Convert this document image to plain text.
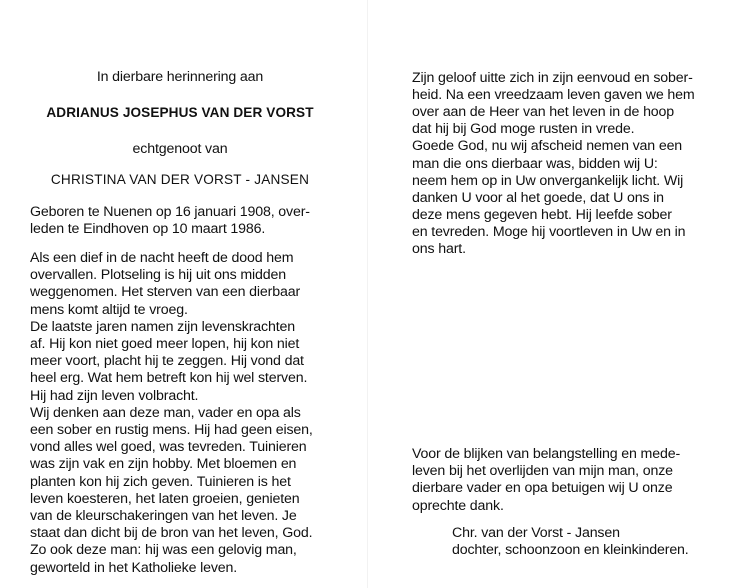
In dierbare herinnering aan
ADRIANUS JOSEPHUS VAN DER VORST
echtgenoot van
CHRISTINA VAN DER VORST - JANSEN
Geboren te Nuenen op 16 januari 1908, over-
leden te Eindhoven op 10 maart 1986.
Als een dief in de nacht heeft de dood hem
overvallen. Plotseling is hij uit ons midden
weggenomen. Het sterven van een dierbaar
mens komt altijd te vroeg.
De laatste jaren namen zijn levenskrachten
af. Hij kon niet goed meer lopen, hij kon niet
meer voort, placht hij te zeggen. Hij vond dat
heel erg. Wat hem betreft kon hij wel sterven.
Hij had zijn leven volbracht.
Wij denken aan deze man, vader en opa als
een sober en rustig mens. Hij had geen eisen,
vond alles wel goed, was tevreden. Tuinieren
was zijn vak en zijn hobby. Met bloemen en
planten kon hij zich geven. Tuinieren is het
leven koesteren, het laten groeien, genieten
van de kleurschakeringen van het leven. Je
staat dan dicht bij de bron van het leven, God.
Zo ook deze man: hij was een gelovig man,
geworteld in het Katholieke leven.
Zijn geloof uitte zich in zijn eenvoud en sober-
heid. Na een vreedzaam leven gaven we hem
over aan de Heer van het leven in de hoop
dat hij bij God moge rusten in vrede.
Goede God, nu wij afscheid nemen van een
man die ons dierbaar was, bidden wij U:
neem hem op in Uw onvergankelijk licht. Wij
danken U voor al het goede, dat U ons in
deze mens gegeven hebt. Hij leefde sober
en tevreden. Moge hij voortleven in Uw en in
ons hart.
Voor de blijken van belangstelling en mede-
leven bij het overlijden van mijn man, onze
dierbare vader en opa betuigen wij U onze
oprechte dank.
Chr. van der Vorst - Jansen
dochter, schoonzoon en kleinkinderen.
